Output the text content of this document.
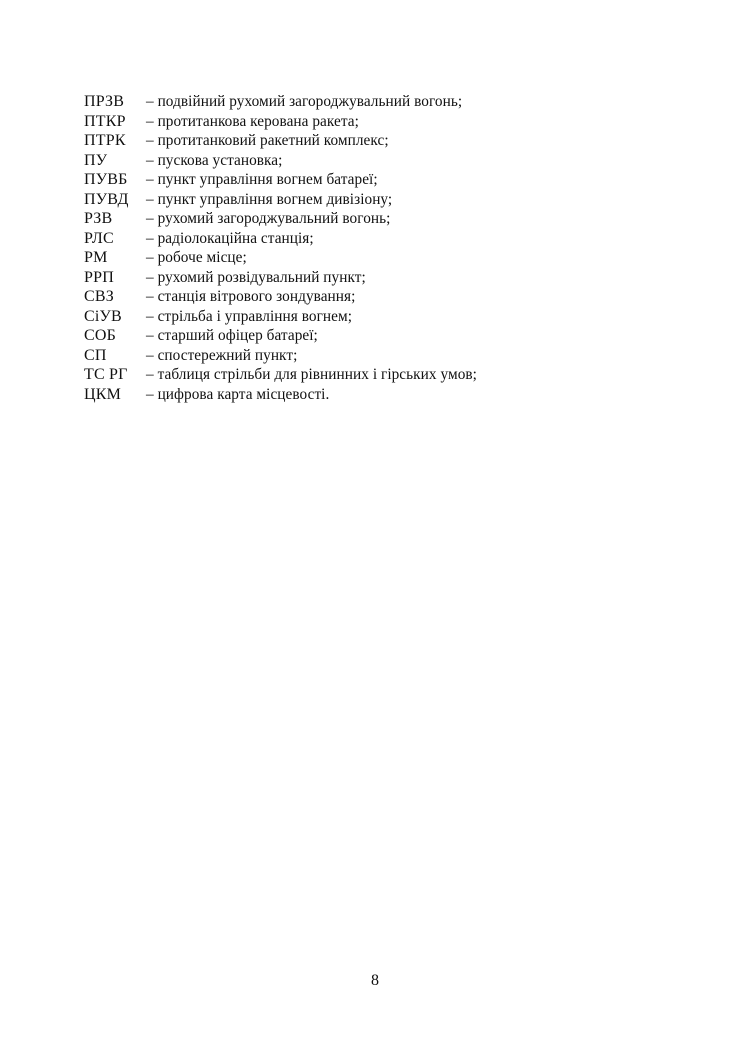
ПРЗВ	– подвійний рухомий загороджувальний вогонь;
ПТКР	– протитанкова керована ракета;
ПТРК	– протитанковий ракетний комплекс;
ПУ	– пускова установка;
ПУВБ	– пункт управління вогнем батареї;
ПУВД	– пункт управління вогнем дивізіону;
РЗВ	– рухомий загороджувальний вогонь;
РЛС	– радіолокаційна станція;
РМ	– робоче місце;
РРП	– рухомий розвідувальний пункт;
СВЗ	– станція вітрового зондування;
СіУВ	– стрільба і управління вогнем;
СОБ	– старший офіцер батареї;
СП	– спостережний пункт;
ТС РГ	– таблиця стрільби для рівнинних і гірських умов;
ЦКМ	– цифрова карта місцевості.
8
